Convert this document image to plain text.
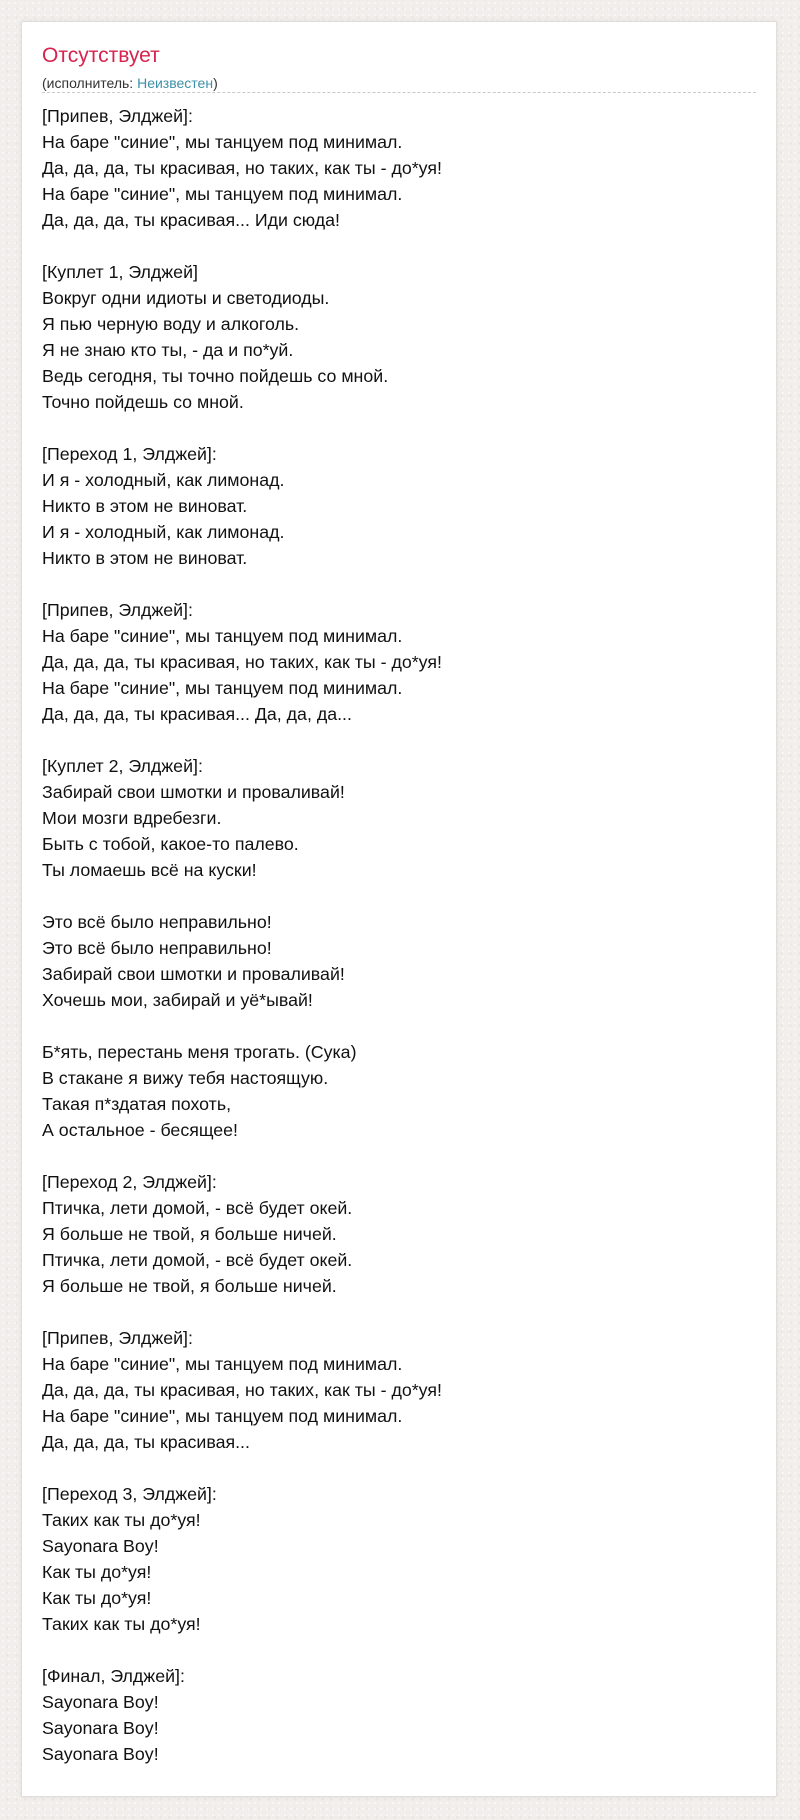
Отсутствует
(исполнитель: Неизвестен)
[Припев, Элджей]:
На баре "синие", мы танцуем под минимал.
Да, да, да, ты красивая, но таких, как ты - до*уя!
На баре "синие", мы танцуем под минимал.
Да, да, да, ты красивая... Иди сюда!
[Куплет 1, Элджей]
Вокруг одни идиоты и светодиоды.
Я пью черную воду и алкоголь.
Я не знаю кто ты, - да и по*уй.
Ведь сегодня, ты точно пойдешь со мной.
Точно пойдешь со мной.
[Переход 1, Элджей]:
И я - холодный, как лимонад.
Никто в этом не виноват.
И я - холодный, как лимонад.
Никто в этом не виноват.
[Припев, Элджей]:
На баре "синие", мы танцуем под минимал.
Да, да, да, ты красивая, но таких, как ты - до*уя!
На баре "синие", мы танцуем под минимал.
Да, да, да, ты красивая... Да, да, да...
[Куплет 2, Элджей]:
Забирай свои шмотки и проваливай!
Мои мозги вдребезги.
Быть с тобой, какое-то палево.
Ты ломаешь всё на куски!
Это всё было неправильно!
Это всё было неправильно!
Забирай свои шмотки и проваливай!
Хочешь мои, забирай и уё*ывай!
Б*ять, перестань меня трогать. (Сука)
В стакане я вижу тебя настоящую.
Такая п*здатая похоть,
А остальное - бесящее!
[Переход 2, Элджей]:
Птичка, лети домой, - всё будет окей.
Я больше не твой, я больше ничей.
Птичка, лети домой, - всё будет окей.
Я больше не твой, я больше ничей.
[Припев, Элджей]:
На баре "синие", мы танцуем под минимал.
Да, да, да, ты красивая, но таких, как ты - до*уя!
На баре "синие", мы танцуем под минимал.
Да, да, да, ты красивая...
[Переход 3, Элджей]:
Таких как ты до*уя!
Sayonara Boy!
Как ты до*уя!
Как ты до*уя!
Таких как ты до*уя!
[Финал, Элджей]:
Sayonara Boy!
Sayonara Boy!
Sayonara Boy!
